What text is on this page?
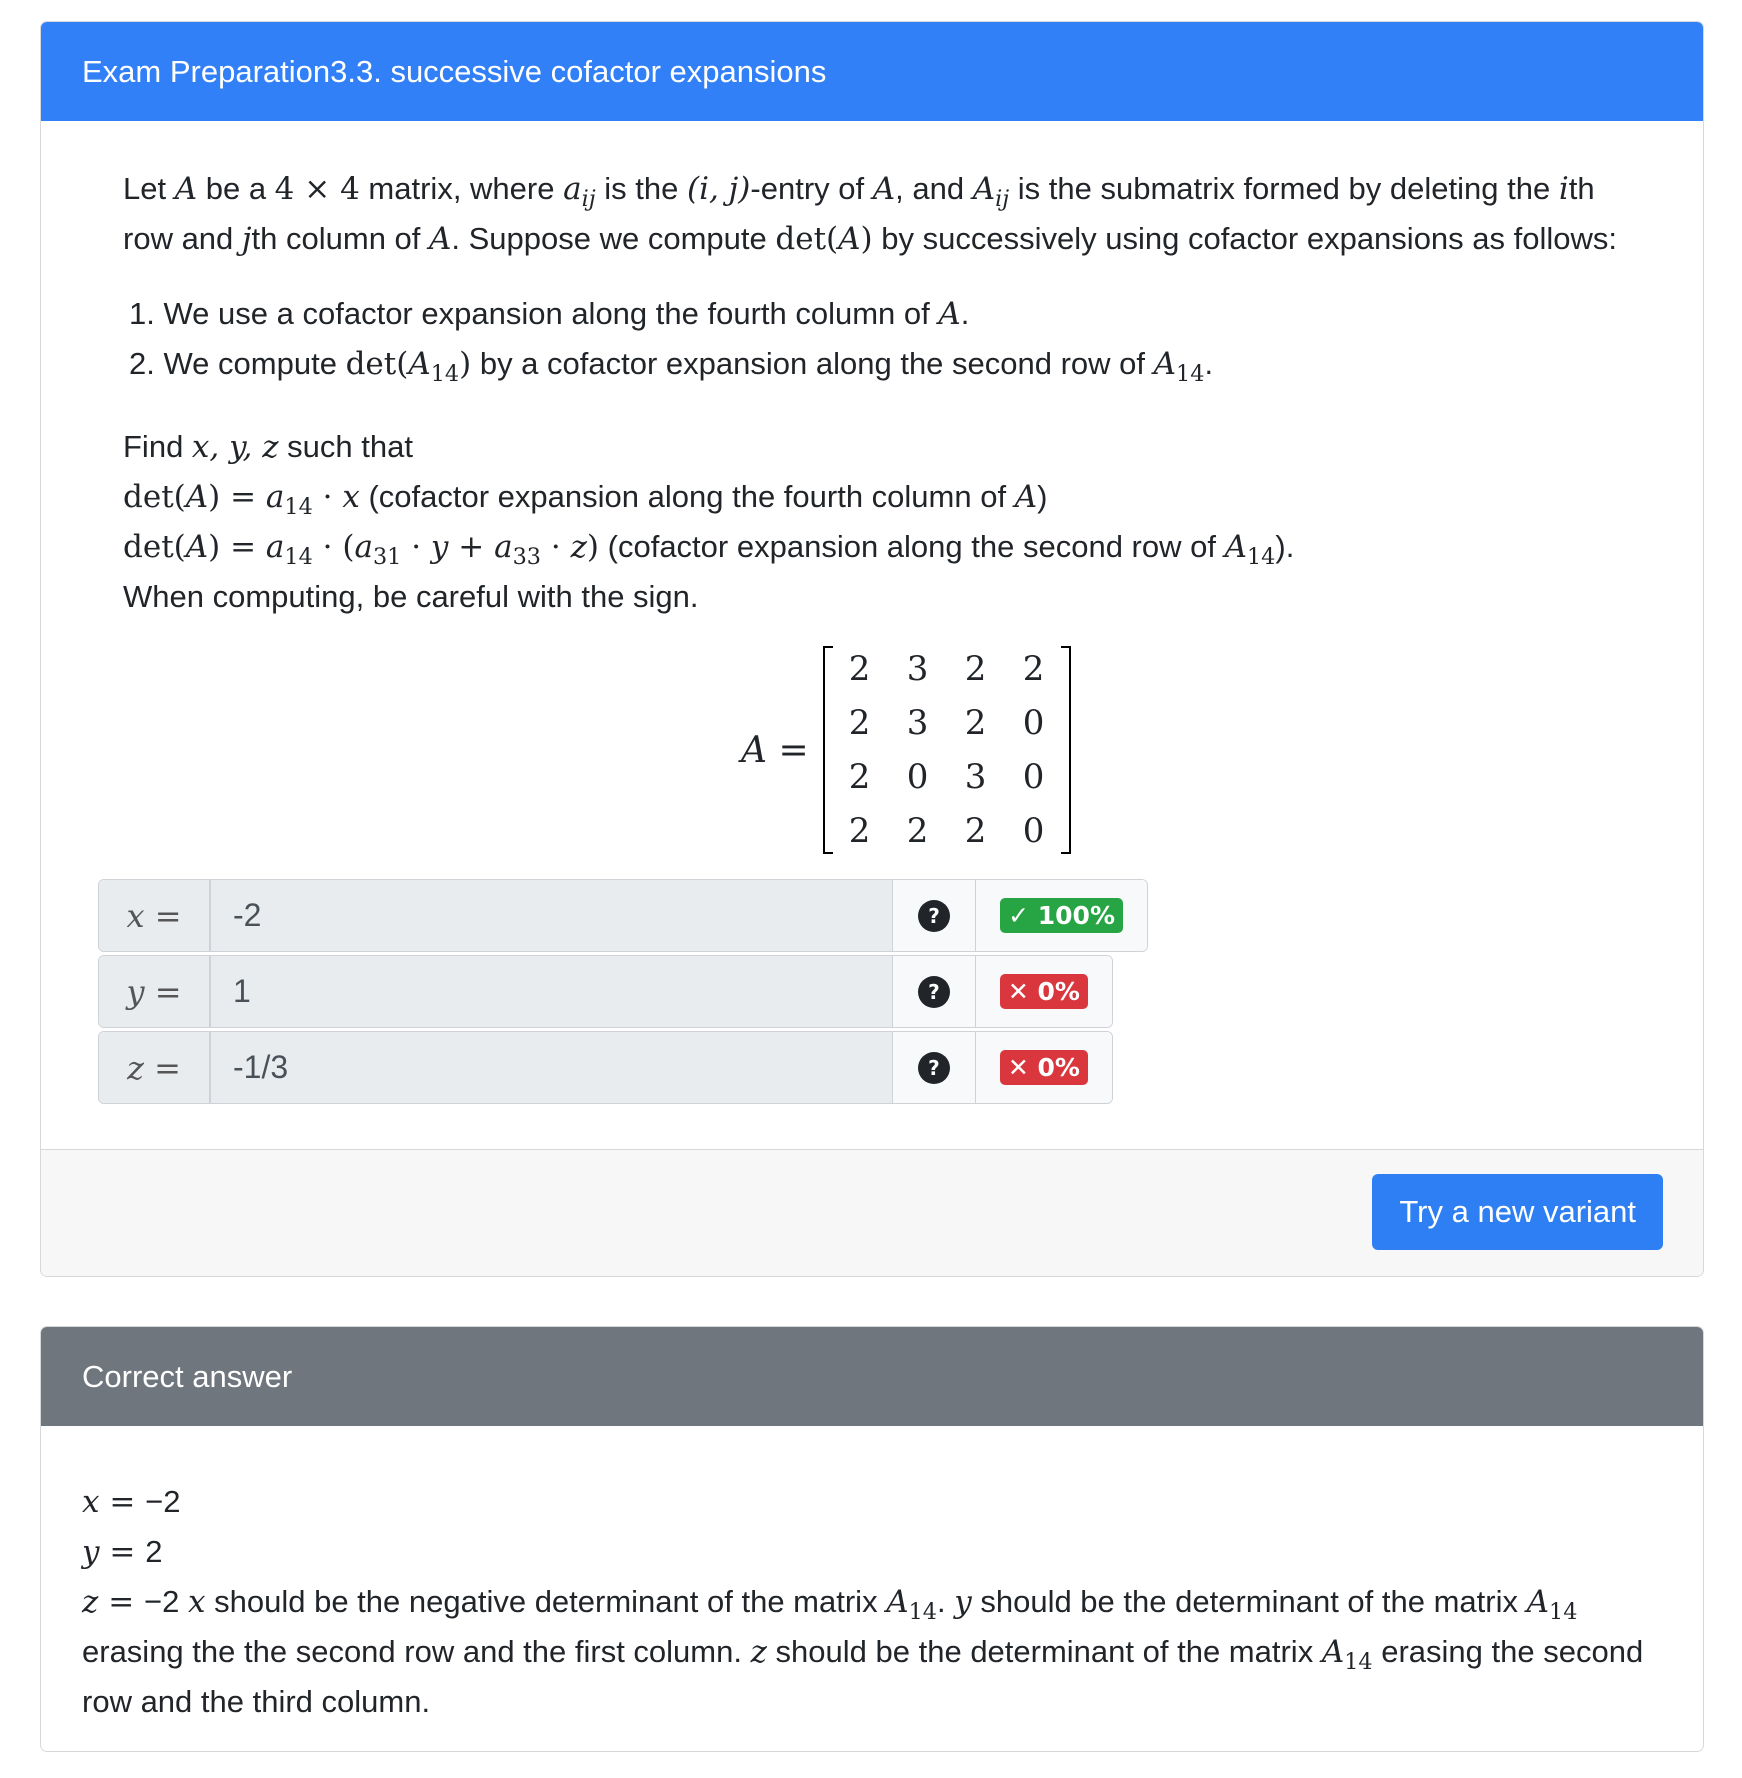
Exam Preparation3.3. successive cofactor expansions
Let A be a 4 × 4 matrix, where $a_{ij}$ is the (i, j)-entry of A, and $A_{ij}$ is the submatrix formed by deleting the ith row and jth column of A. Suppose we compute det(A) by successively using cofactor expansions as follows:
1. We use a cofactor expansion along the fourth column of A.
2. We compute $\det(A_{14})$ by a cofactor expansion along the second row of $A_{14}$.
Find x, y, z such that
$\det(A) = a_{14} \cdot x$ (cofactor expansion along the fourth column of A)
$\det(A) = a_{14} \cdot (a_{31} \cdot y + a_{33} \cdot z)$ (cofactor expansion along the second row of $A_{14}$).
When computing, be careful with the sign.
A =
2	3	2	2
2	3	2	0
2	0	3	0
2	2	2	0
x =
-2	?	✓ 100%
y =
1	?	✕ 0%
z =
-1/3	?	✕ 0%
Try a new variant
Correct answer
x = −2
y = 2
z = −2 x should be the negative determinant of the matrix $A_{14}$. y should be the determinant of the matrix $A_{14}$ erasing the the second row and the first column. z should be the determinant of the matrix $A_{14}$ erasing the second row and the third column.
